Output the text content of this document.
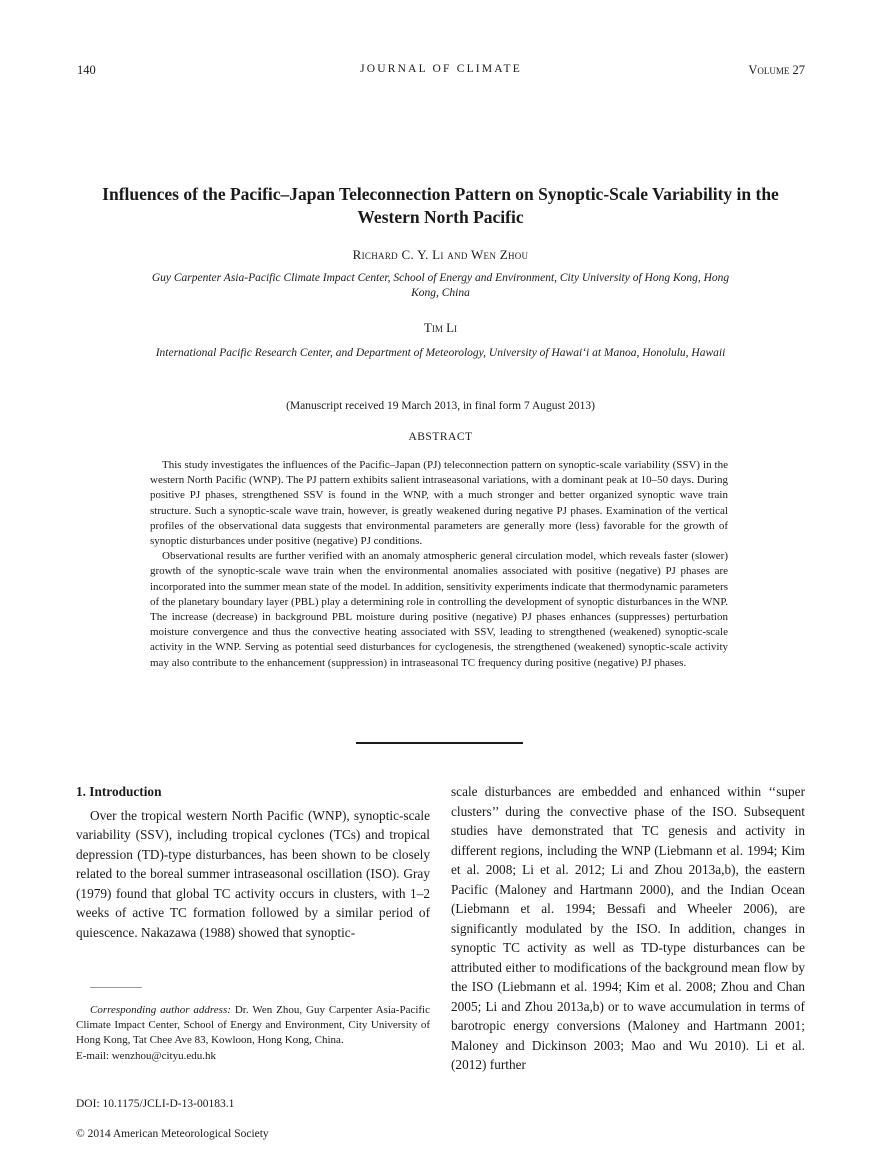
140	JOURNAL OF CLIMATE	Volume 27
Influences of the Pacific–Japan Teleconnection Pattern on Synoptic-Scale Variability in the Western North Pacific
Richard C. Y. Li and Wen Zhou
Guy Carpenter Asia-Pacific Climate Impact Center, School of Energy and Environment, City University of Hong Kong, Hong Kong, China
Tim Li
International Pacific Research Center, and Department of Meteorology, University of Hawai‘i at Manoa, Honolulu, Hawaii
(Manuscript received 19 March 2013, in final form 7 August 2013)
ABSTRACT

This study investigates the influences of the Pacific–Japan (PJ) teleconnection pattern on synoptic-scale variability (SSV) in the western North Pacific (WNP). The PJ pattern exhibits salient intraseasonal variations, with a dominant peak at 10–50 days. During positive PJ phases, strengthened SSV is found in the WNP, with a much stronger and better organized synoptic wave train structure. Such a synoptic-scale wave train, however, is greatly weakened during negative PJ phases. Examination of the vertical profiles of the observational data suggests that environmental parameters are generally more (less) favorable for the growth of synoptic disturbances under positive (negative) PJ conditions.

Observational results are further verified with an anomaly atmospheric general circulation model, which reveals faster (slower) growth of the synoptic-scale wave train when the environmental anomalies associated with positive (negative) PJ phases are incorporated into the summer mean state of the model. In addition, sensitivity experiments indicate that thermodynamic parameters of the planetary boundary layer (PBL) play a determining role in controlling the development of synoptic disturbances in the WNP. The increase (decrease) in background PBL moisture during positive (negative) PJ phases enhances (suppresses) perturbation moisture convergence and thus the convective heating associated with SSV, leading to strengthened (weakened) synoptic-scale activity in the WNP. Serving as potential seed disturbances for cyclogenesis, the strengthened (weakened) synoptic-scale activity may also contribute to the enhancement (suppression) in intraseasonal TC frequency during positive (negative) PJ phases.

1. Introduction

Over the tropical western North Pacific (WNP), synoptic-scale variability (SSV), including tropical cyclones (TCs) and tropical depression (TD)-type disturbances, has been shown to be closely related to the boreal summer intraseasonal oscillation (ISO). Gray (1979) found that global TC activity occurs in clusters, with 1–2 weeks of active TC formation followed by a similar period of quiescence. Nakazawa (1988) showed that synoptic-

scale disturbances are embedded and enhanced within ‘‘super clusters’’ during the convective phase of the ISO. Subsequent studies have demonstrated that TC genesis and activity in different regions, including the WNP (Liebmann et al. 1994; Kim et al. 2008; Li et al. 2012; Li and Zhou 2013a,b), the eastern Pacific (Maloney and Hartmann 2000), and the Indian Ocean (Liebmann et al. 1994; Bessafi and Wheeler 2006), are significantly modulated by the ISO. In addition, changes in synoptic TC activity as well as TD-type disturbances can be attributed either to modifications of the background mean flow by the ISO (Liebmann et al. 1994; Kim et al. 2008; Zhou and Chan 2005; Li and Zhou 2013a,b) or to wave accumulation in terms of barotropic energy conversions (Maloney and Hartmann 2001; Maloney and Dickinson 2003; Mao and Wu 2010). Li et al. (2012) further

Corresponding author address: Dr. Wen Zhou, Guy Carpenter Asia-Pacific Climate Impact Center, School of Energy and Environment, City University of Hong Kong, Tat Chee Ave 83, Kowloon, Hong Kong, China.

E-mail: wenzhou@cityu.edu.hk

DOI: 10.1175/JCLI-D-13-00183.1
© 2014 American Meteorological Society
